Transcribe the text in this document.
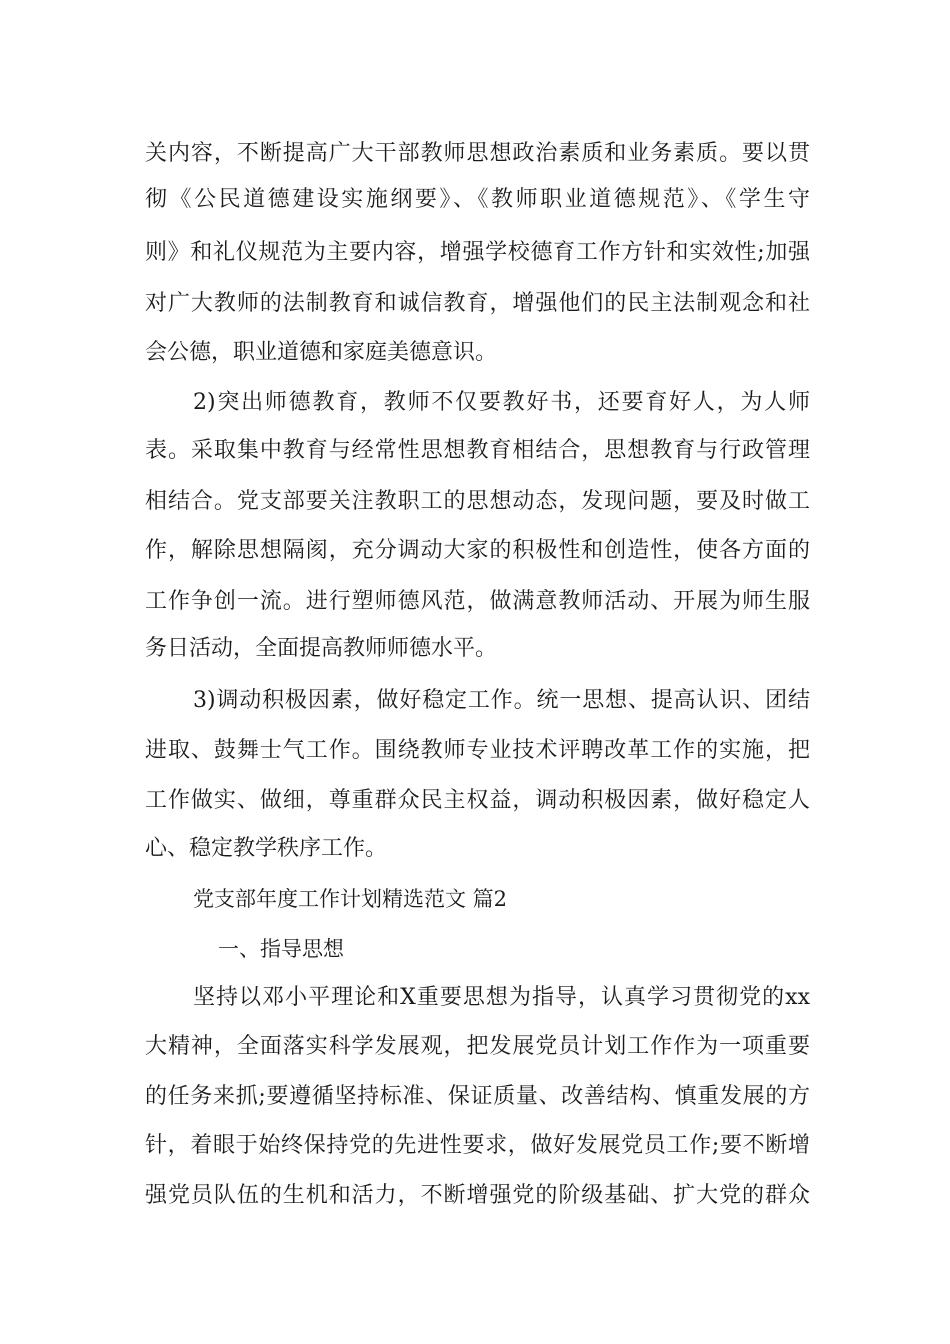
关内容，不断提高广大干部教师思想政治素质和业务素质。要以贯
彻《公民道德建设实施纲要》、《教师职业道德规范》、《学生守
则》和礼仪规范为主要内容，增强学校德育工作方针和实效性;加强
对广大教师的法制教育和诚信教育，增强他们的民主法制观念和社
会公德，职业道德和家庭美德意识。
2)突出师德教育，教师不仅要教好书，还要育好人，为人师
表。采取集中教育与经常性思想教育相结合，思想教育与行政管理
相结合。党支部要关注教职工的思想动态，发现问题，要及时做工
作，解除思想隔阂，充分调动大家的积极性和创造性，使各方面的
工作争创一流。进行塑师德风范，做满意教师活动、开展为师生服
务日活动，全面提高教师师德水平。
3)调动积极因素，做好稳定工作。统一思想、提高认识、团结
进取、鼓舞士气工作。围绕教师专业技术评聘改革工作的实施，把
工作做实、做细，尊重群众民主权益，调动积极因素，做好稳定人
心、稳定教学秩序工作。
党支部年度工作计划精选范文 篇2
一、指导思想
坚持以邓小平理论和X重要思想为指导，认真学习贯彻党的xx
大精神，全面落实科学发展观，把发展党员计划工作作为一项重要
的任务来抓;要遵循坚持标准、保证质量、改善结构、慎重发展的方
针，着眼于始终保持党的先进性要求，做好发展党员工作;要不断增
强党员队伍的生机和活力，不断增强党的阶级基础、扩大党的群众
